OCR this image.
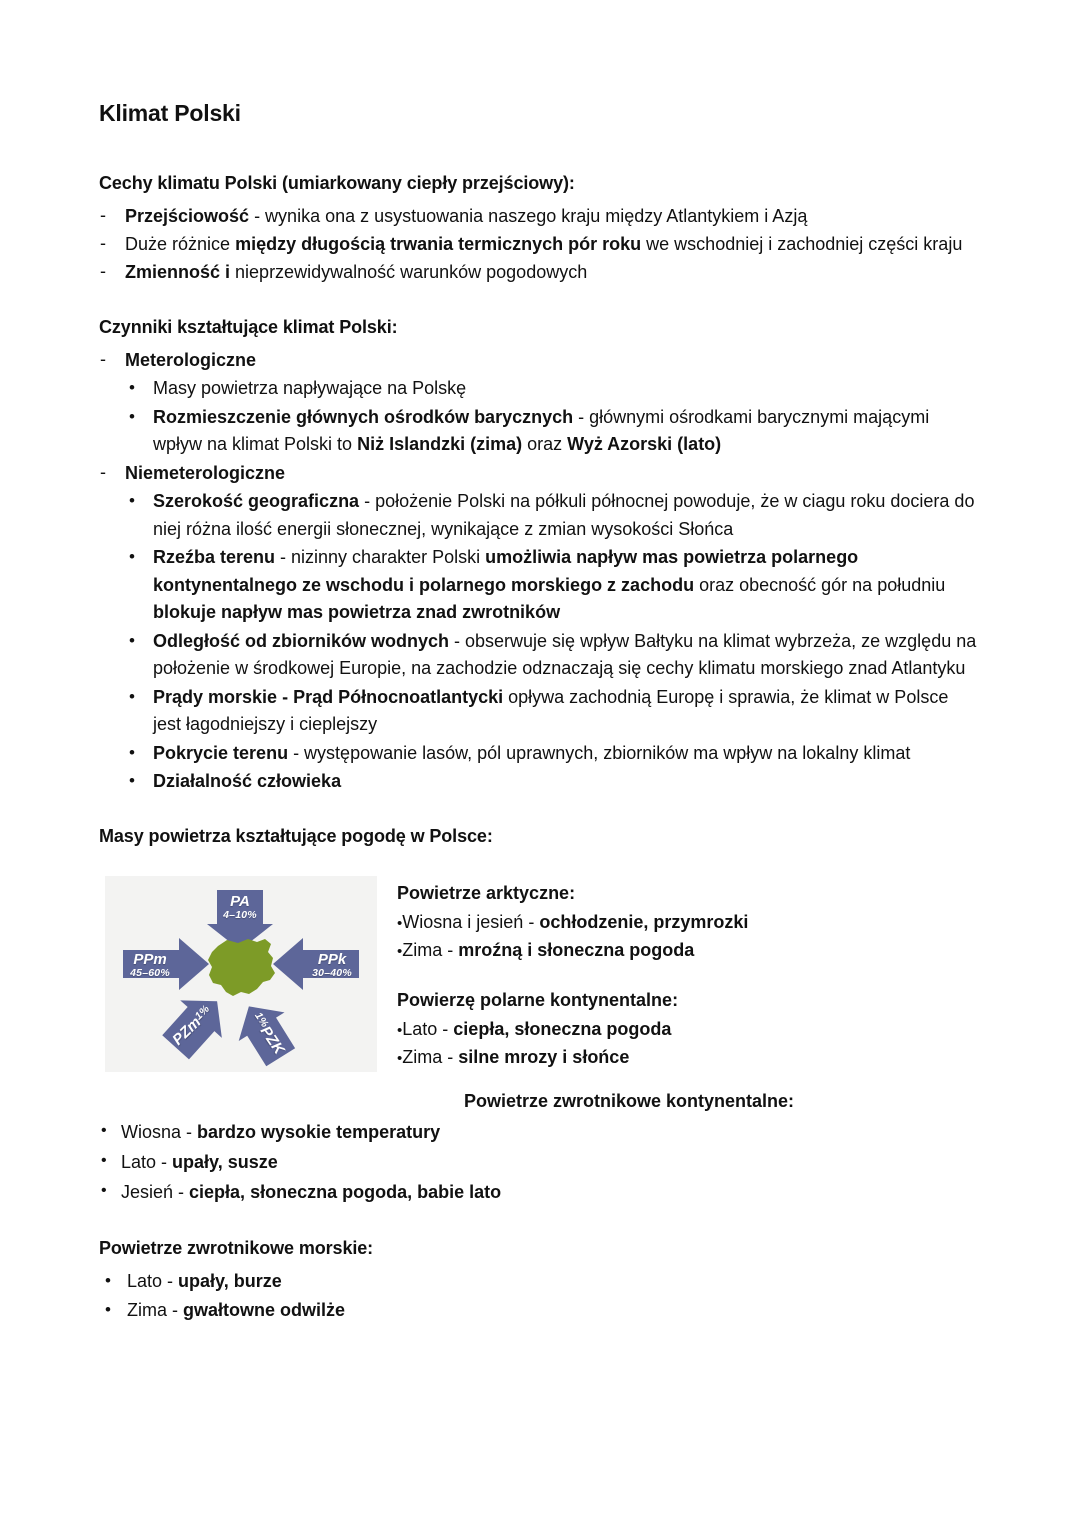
Klimat Polski
Cechy klimatu Polski (umiarkowany ciepły przejściowy):
- Przejściowość - wynika ona z usystuowania naszego kraju między Atlantykiem i Azją
- Duże różnice między długością trwania termicznych pór roku we wschodniej i zachodniej części kraju
- Zmienność i nieprzewidywalność warunków pogodowych
Czynniki kształtujące klimat Polski:
- Meterologiczne
• Masy powietrza napływające na Polskę
• Rozmieszczenie głównych ośrodków barycznych - głównymi ośrodkami barycznymi mającymi wpływ na klimat Polski to Niż Islandzki (zima) oraz Wyż Azorski (lato)
- Niemeterologiczne
• Szerokość geograficzna - położenie Polski na półkuli północnej powoduje, że w ciagu roku dociera do niej różna ilość energii słonecznej, wynikające z zmian wysokości Słońca
• Rzeźba terenu - nizinny charakter Polski umożliwia napływ mas powietrza polarnego kontynentalnego ze wschodu i polarnego morskiego z zachodu oraz obecność gór na południu blokuje napływ mas powietrza znad zwrotników
• Odległość od zbiorników wodnych - obserwuje się wpływ Bałtyku na klimat wybrzeża, ze względu na położenie w środkowej Europie, na zachodzie odznaczają się cechy klimatu morskiego znad Atlantyku
• Prądy morskie - Prąd Północnoatlantycki opływa zachodnią Europę i sprawia, że klimat w Polsce jest łagodniejszy i cieplejszy
• Pokrycie terenu - występowanie lasów, pól uprawnych, zbiorników ma wpływ na lokalny klimat
• Działalność człowieka
Masy powietrza kształtujące pogodę w Polsce:
PA
4–10%
PPm
45–60%
PPk
30–40%
PZm1%	1%PZK
Powietrze arktyczne:
•Wiosna i jesień - ochłodzenie, przymrozki
•Zima - mroźną i słoneczna pogoda
Powierzę polarne kontynentalne:
•Lato - ciepła, słoneczna pogoda
•Zima - silne mrozy i słońce
Powietrze zwrotnikowe kontynentalne:
• Wiosna - bardzo wysokie temperatury
• Lato - upały, susze
• Jesień - ciepła, słoneczna pogoda, babie lato
Powietrze zwrotnikowe morskie:
• Lato - upały, burze
• Zima - gwałtowne odwilże
